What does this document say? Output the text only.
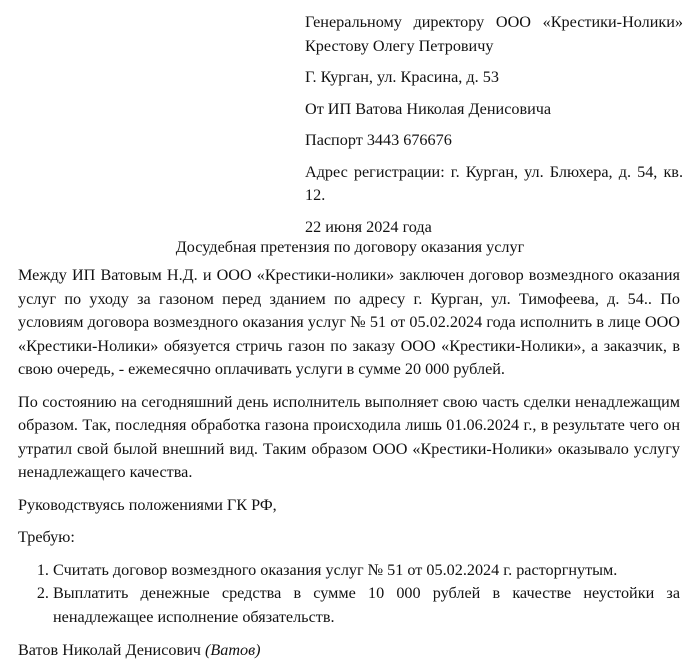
Генеральному директору ООО «Крестики-Нолики» Крестову Олегу Петровичу

Г. Курган, ул. Красина, д. 53

От ИП Ватова Николая Денисовича

Паспорт 3443 676676

Адрес регистрации: г. Курган, ул. Блюхера, д. 54, кв. 12.

22 июня 2024 года

Досудебная претензия по договору оказания услуг

Между ИП Ватовым Н.Д. и ООО «Крестики-нолики» заключен договор возмездного оказания услуг по уходу за газоном перед зданием по адресу г. Курган, ул. Тимофеева, д. 54.. По условиям договора возмездного оказания услуг № 51 от 05.02.2024 года исполнить в лице ООО «Крестики-Нолики» обязуется стричь газон по заказу ООО «Крестики-Нолики», а заказчик, в свою очередь, - ежемесячно оплачивать услуги в сумме 20 000 рублей.

По состоянию на сегодняшний день исполнитель выполняет свою часть сделки ненадлежащим образом. Так, последняя обработка газона происходила лишь 01.06.2024 г., в результате чего он утратил свой былой внешний вид. Таким образом ООО «Крестики-Нолики» оказывало услугу ненадлежащего качества.

Руководствуясь положениями ГК РФ,

Требую:

1. Считать договор возмездного оказания услуг № 51 от 05.02.2024 г. расторгнутым.
2. Выплатить денежные средства в сумме 10 000 рублей в качестве неустойки за ненадлежащее исполнение обязательств.

Ватов Николай Денисович (Ватов)
